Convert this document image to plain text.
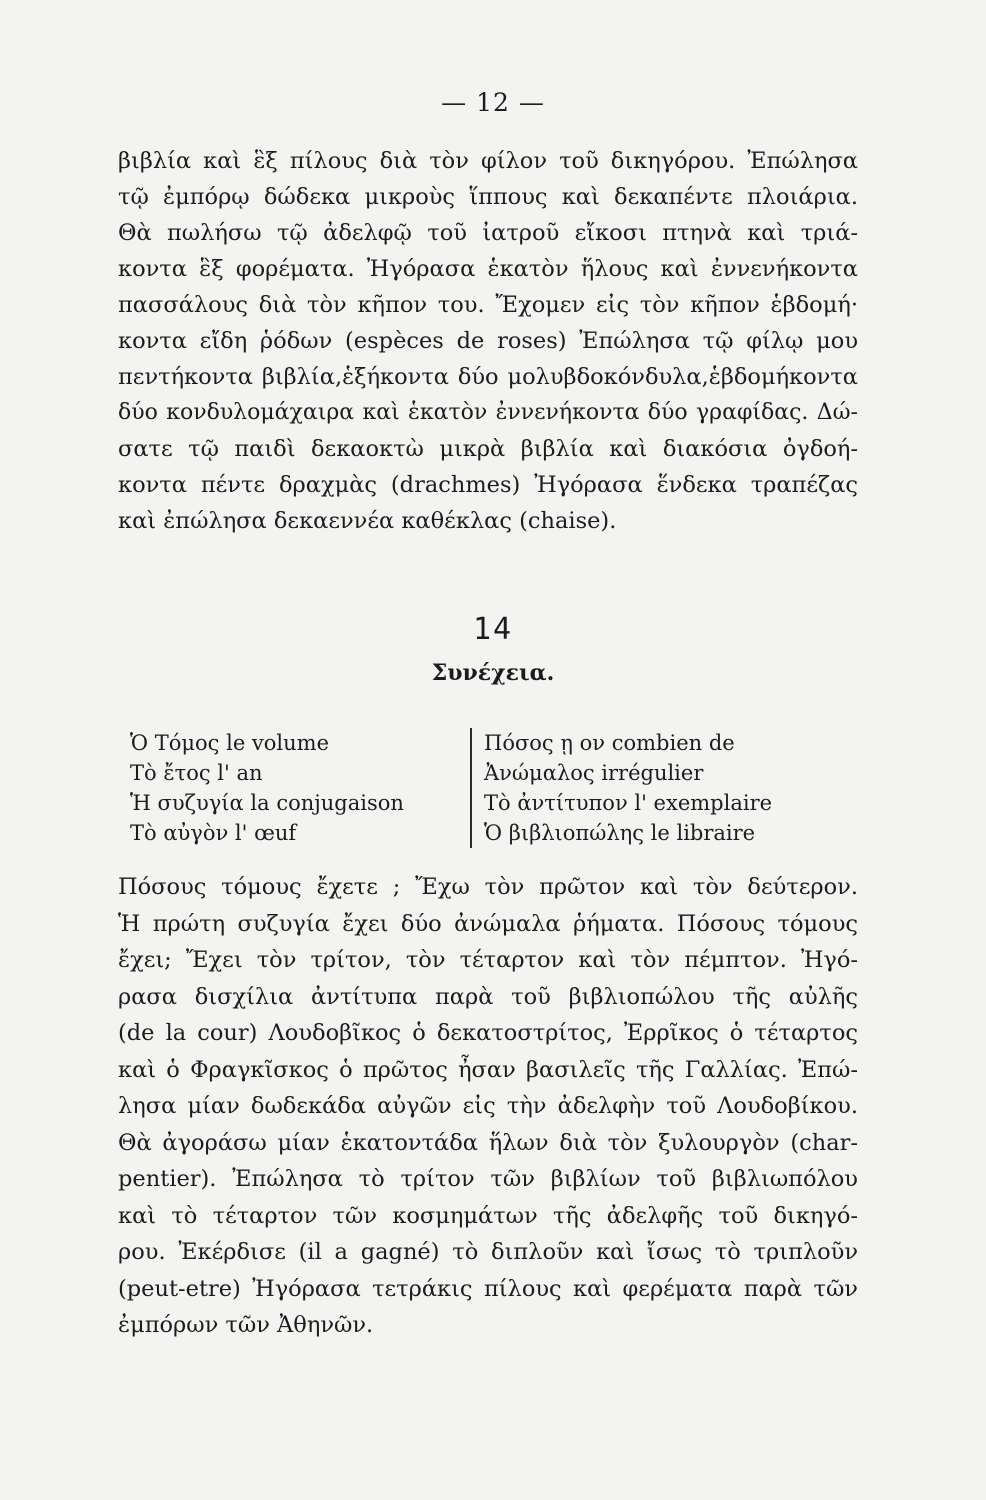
— 12 —
βιβλία καὶ ἓξ πίλους διὰ τὸν φίλον τοῦ δικηγόρου. Ἐπώλησα
τῷ ἐμπόρῳ δώδεκα μικροὺς ἵππους καὶ δεκαπέντε πλοιάρια.
Θὰ πωλήσω τῷ ἀδελφῷ τοῦ ἰατροῦ εἴκοσι πτηνὰ καὶ τριά-
κοντα ἓξ φορέματα. Ἠγόρασα ἑκατὸν ἥλους καὶ ἐννενήκοντα
πασσάλους διὰ τὸν κῆπον του. Ἔχομεν εἰς τὸν κῆπον ἑβδομή·
κοντα εἴδη ῥόδων (espèces de roses) Ἐπώλησα τῷ φίλῳ μου
πεντήκοντα βιβλία,ἑξήκοντα δύο μολυβδοκόνδυλα,ἑβδομήκοντα
δύο κονδυλομάχαιρα καὶ ἑκατὸν ἐννενήκοντα δύο γραφίδας. Δώ-
σατε τῷ παιδὶ δεκαοκτὼ μικρὰ βιβλία καὶ διακόσια ὀγδοή-
κοντα πέντε δραχμὰς (drachmes) Ἠγόρασα ἕνδεκα τραπέζας
καὶ ἐπώλησα δεκαεννέα καθέκλας (chaise).
14
Συνέχεια.
Ὁ Τόμος le volume
Τὸ ἔτος l' an
Ἡ συζυγία la conjugaison
Τὸ αὐγὸν l' œuf
Πόσος ῃ ον combien de
Ἀνώμαλος irrégulier
Τὸ ἀντίτυπον l' exemplaire
Ὁ βιβλιοπώλης le libraire
Πόσους τόμους ἔχετε ; Ἔχω τὸν πρῶτον καὶ τὸν δεύτερον.
Ἡ πρώτη συζυγία ἔχει δύο ἀνώμαλα ῥήματα. Πόσους τόμους
ἔχει; Ἔχει τὸν τρίτον, τὸν τέταρτον καὶ τὸν πέμπτον. Ἠγό-
ρασα δισχίλια ἀντίτυπα παρὰ τοῦ βιβλιοπώλου τῆς αὐλῆς
(de la cour) Λουδοβῖκος ὁ δεκατοστρίτος, Ἐρρῖκος ὁ τέταρτος
καὶ ὁ Φραγκῖσκος ὁ πρῶτος ἦσαν βασιλεῖς τῆς Γαλλίας. Ἐπώ-
λησα μίαν δωδεκάδα αὐγῶν εἰς τὴν ἀδελφὴν τοῦ Λουδοβίκου.
Θὰ ἀγοράσω μίαν ἑκατοντάδα ἥλων διὰ τὸν ξυλουργὸν (char-
pentier). Ἐπώλησα τὸ τρίτον τῶν βιβλίων τοῦ βιβλιωπόλου
καὶ τὸ τέταρτον τῶν κοσμημάτων τῆς ἀδελφῆς τοῦ δικηγό-
ρου. Ἐκέρδισε (il a gagné) τὸ διπλοῦν καὶ ἴσως τὸ τριπλοῦν
(peut-etre) Ἠγόρασα τετράκις πίλους καὶ φερέματα παρὰ τῶν
ἐμπόρων τῶν Ἀθηνῶν.
